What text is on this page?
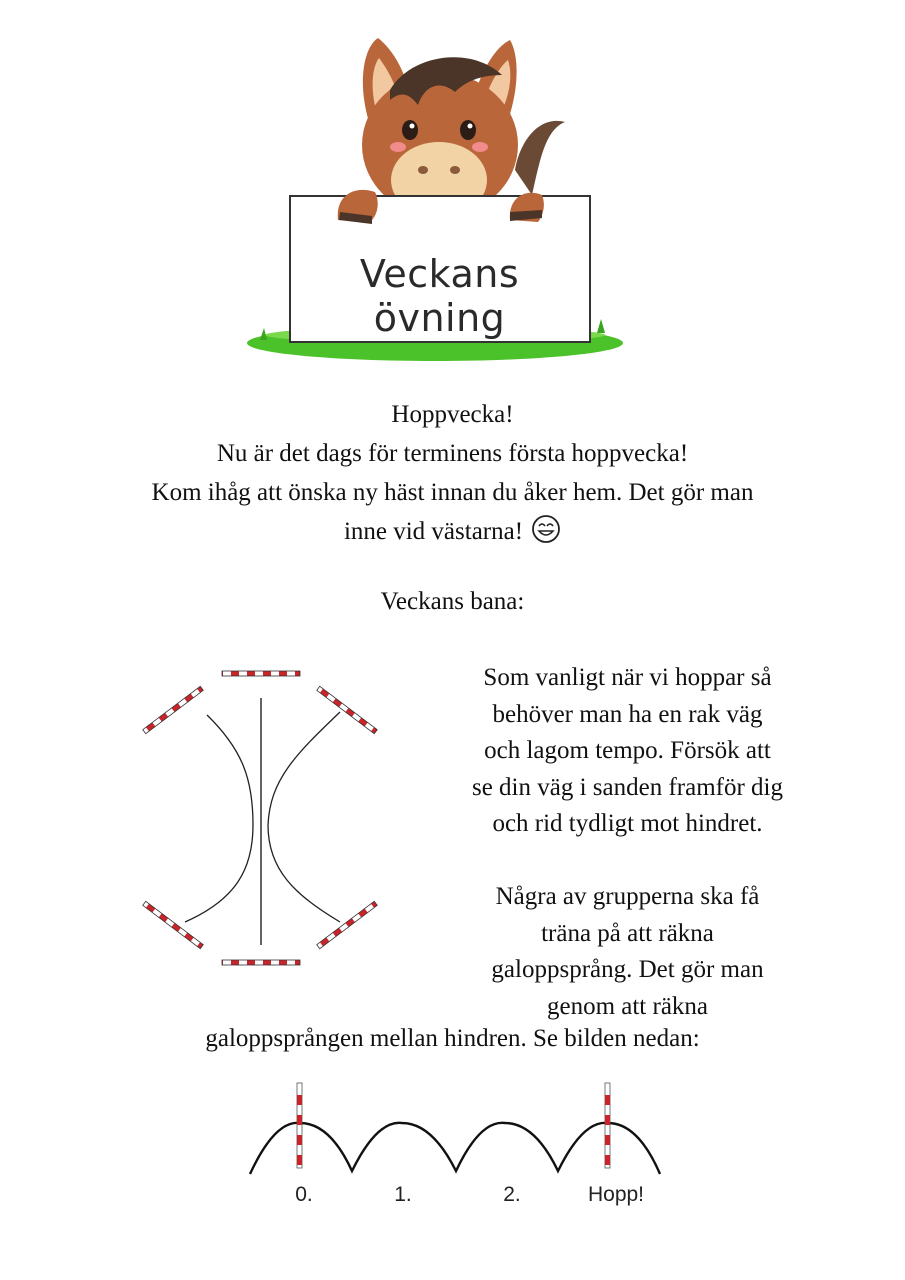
Veckans övning
Hoppvecka!
Nu är det dags för terminens första hoppvecka!
Kom ihåg att önska ny häst innan du åker hem. Det gör man
inne vid västarna!
Veckans bana:
Som vanligt när vi hoppar så
behöver man ha en rak väg
och lagom tempo. Försök att
se din väg i sanden framför dig
och rid tydligt mot hindret.
Några av grupperna ska få
träna på att räkna
galoppsprång. Det gör man
genom att räkna
galoppsprången mellan hindren. Se bilden nedan:
0.	1.	2.	Hopp!
